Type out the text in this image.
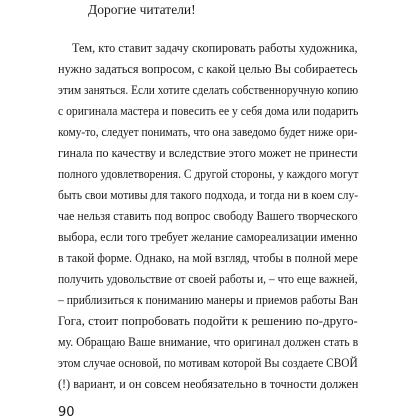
Дорогие читатели!
Тем, кто ставит задачу скопировать работы художника,
нужно задаться вопросом, с какой целью Вы собираетесь
этим заняться. Если хотите сделать собственноручную копию
с оригинала мастера и повесить ее у себя дома или подарить
кому-то, следует понимать, что она заведомо будет ниже ори-
гинала по качеству и вследствие этого может не принести
полного удовлетворения. С другой стороны, у каждого могут
быть свои мотивы для такого подхода, и тогда ни в коем слу-
чае нельзя ставить под вопрос свободу Вашего творческого
выбора, если того требует желание самореализации именно
в такой форме. Однако, на мой взгляд, чтобы в полной мере
получить удовольствие от своей работы и, – что еще важней,
– приблизиться к пониманию манеры и приемов работы Ван
Гога, стоит попробовать подойти к решению по-друго-
му. Обращаю Ваше внимание, что оригинал должен стать в
этом случае основой, по мотивам которой Вы создаете СВОЙ
(!) вариант, и он совсем необязательно в точности должен
90
